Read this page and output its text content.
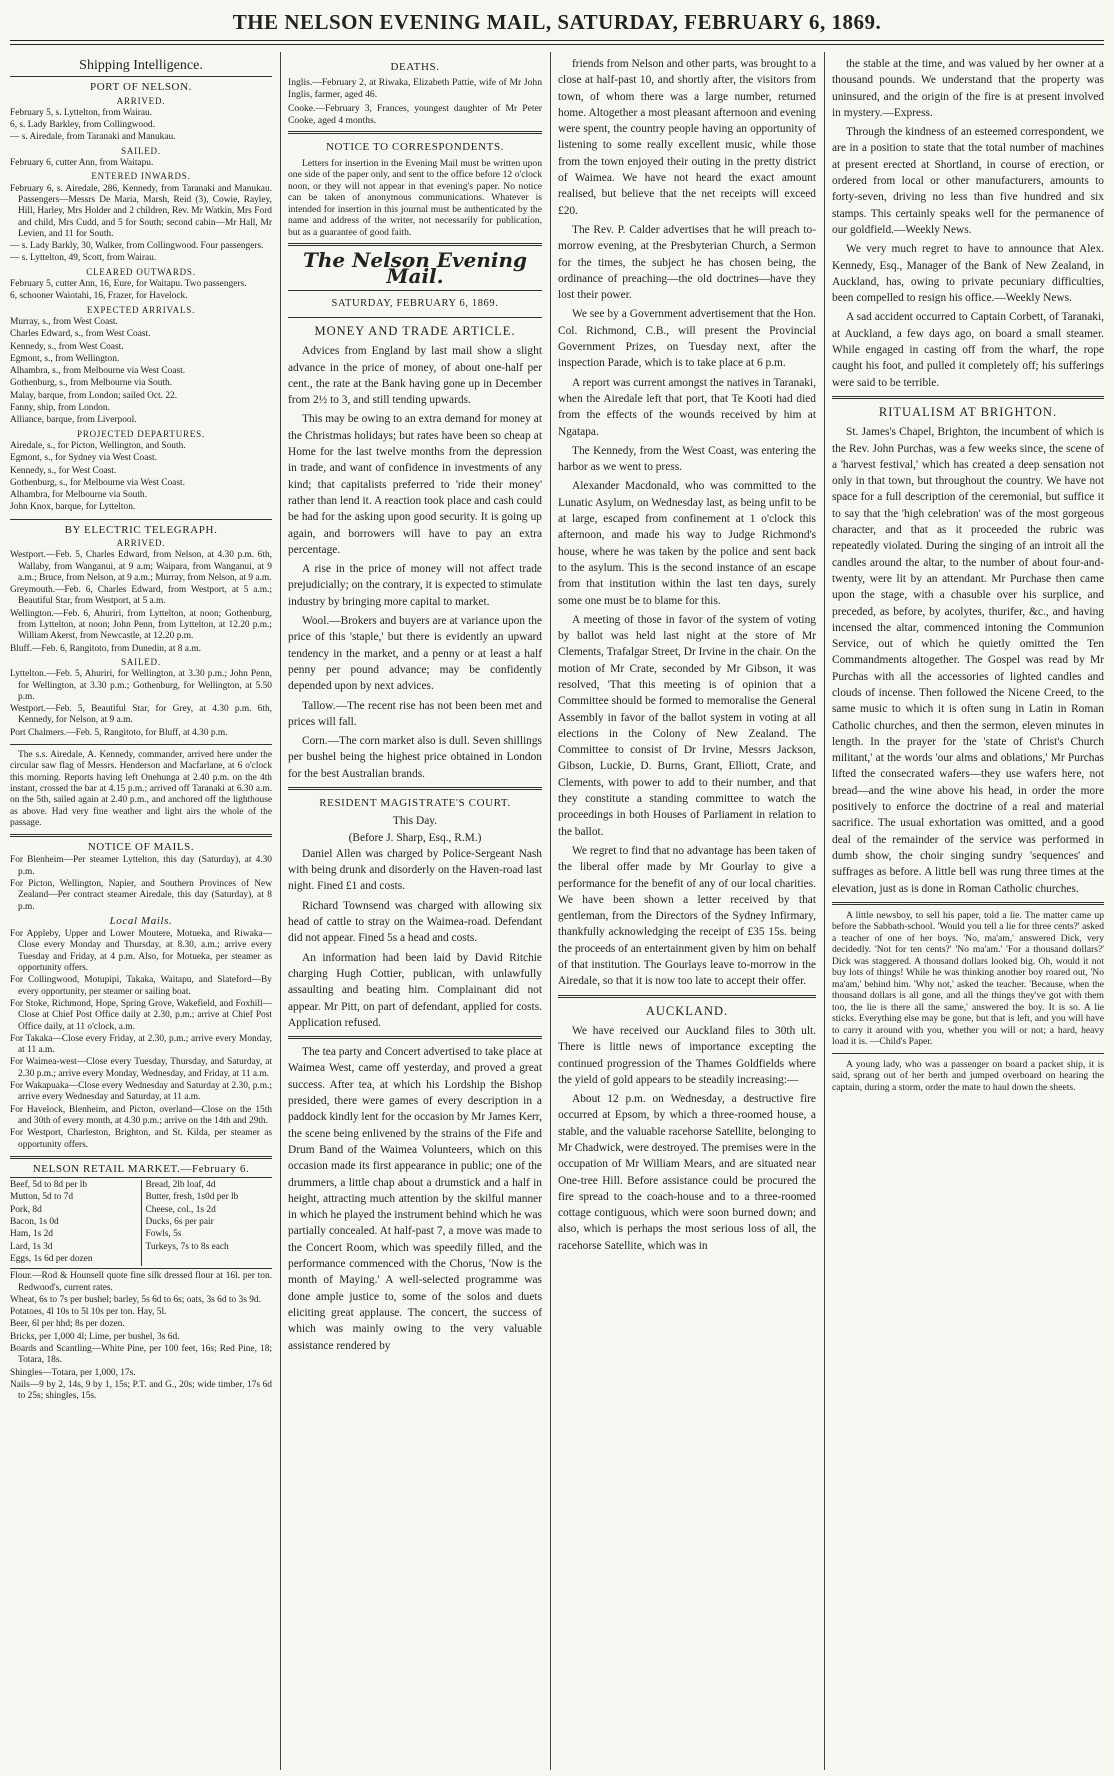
THE NELSON EVENING MAIL, SATURDAY, FEBRUARY 6, 1869.
Shipping Intelligence.
PORT OF NELSON.
ARRIVED.

February 5, s. Lyttelton, from Wairau.

6, s. Lady Barkley, from Collingwood.

— s. Airedale, from Taranaki and Manukau.

SAILED.

February 6, cutter Ann, from Waitapu.

ENTERED INWARDS.

February 6, s. Airedale, 286, Kennedy, from Taranaki and Manukau. Passengers—Messrs De Maria, Marsh, Reid (3), Cowie, Rayley, Hill, Harley, Mrs Holder and 2 children, Rev. Mr Watkin, Mrs Ford and child, Mrs Cudd, and 5 for South; second cabin—Mr Hall, Mr Levien, and 11 for South.

— s. Lady Barkly, 30, Walker, from Collingwood. Four passengers.

— s. Lyttelton, 49, Scott, from Wairau.

CLEARED OUTWARDS.

February 5, cutter Ann, 16, Eure, for Waitapu. Two passengers.

6, schooner Waiotahi, 16, Frazer, for Havelock.

EXPECTED ARRIVALS.

Murray, s., from West Coast.

Charles Edward, s., from West Coast.

Kennedy, s., from West Coast.

Egmont, s., from Wellington.

Alhambra, s., from Melbourne via West Coast.

Gothenburg, s., from Melbourne via South.

Malay, barque, from London; sailed Oct. 22.

Fanny, ship, from London.

Alliance, barque, from Liverpool.

PROJECTED DEPARTURES.

Airedale, s., for Picton, Wellington, and South.

Egmont, s., for Sydney via West Coast.

Kennedy, s., for West Coast.

Gothenburg, s., for Melbourne via West Coast.

Alhambra, for Melbourne via South.

John Knox, barque, for Lyttelton.

BY ELECTRIC TELEGRAPH.
ARRIVED.

Westport.—Feb. 5, Charles Edward, from Nelson, at 4.30 p.m. 6th, Wallaby, from Wanganui, at 9 a.m; Waipara, from Wanganui, at 9 a.m.; Bruce, from Nelson, at 9 a.m.; Murray, from Nelson, at 9 a.m.

Greymouth.—Feb. 6, Charles Edward, from Westport, at 5 a.m.; Beautiful Star, from Westport, at 5 a.m.

Wellington.—Feb. 6, Ahuriri, from Lyttelton, at noon; Gothenburg, from Lyttelton, at noon; John Penn, from Lyttelton, at 12.20 p.m.; William Akerst, from Newcastle, at 12.20 p.m.

Bluff.—Feb. 6, Rangitoto, from Dunedin, at 8 a.m.

SAILED.

Lyttelton.—Feb. 5, Ahuriri, for Wellington, at 3.30 p.m.; John Penn, for Wellington, at 3.30 p.m.; Gothenburg, for Wellington, at 5.50 p.m.

Westport.—Feb. 5, Beautiful Star, for Grey, at 4.30 p.m. 6th, Kennedy, for Nelson, at 9 a.m.

Port Chalmers.—Feb. 5, Rangitoto, for Bluff, at 4.30 p.m.

The s.s. Airedale, A. Kennedy, commander, arrived here under the circular saw flag of Messrs. Henderson and Macfarlane, at 6 o'clock this morning. Reports having left Onehunga at 2.40 p.m. on the 4th instant, crossed the bar at 4.15 p.m.; arrived off Taranaki at 6.30 a.m. on the 5th, sailed again at 2.40 p.m., and anchored off the lighthouse as above. Had very fine weather and light airs the whole of the passage.

NOTICE OF MAILS.

For Blenheim—Per steamer Lyttelton, this day (Saturday), at 4.30 p.m.

For Picton, Wellington, Napier, and Southern Provinces of New Zealand—Per contract steamer Airedale, this day (Saturday), at 8 p.m.

Local Mails.

For Appleby, Upper and Lower Moutere, Motueka, and Riwaka—Close every Monday and Thursday, at 8.30, a.m.; arrive every Tuesday and Friday, at 4 p.m. Also, for Motueka, per steamer as opportunity offers.

For Collingwood, Motupipi, Takaka, Waitapu, and Slateford—By every opportunity, per steamer or sailing boat.

For Stoke, Richmond, Hope, Spring Grove, Wakefield, and Foxhill—Close at Chief Post Office daily at 2.30, p.m.; arrive at Chief Post Office daily, at 11 o'clock, a.m.

For Takaka—Close every Friday, at 2.30, p.m.; arrive every Monday, at 11 a.m.

For Waimea-west—Close every Tuesday, Thursday, and Saturday, at 2.30 p.m.; arrive every Monday, Wednesday, and Friday, at 11 a.m.

For Wakapuaka—Close every Wednesday and Saturday at 2.30, p.m.; arrive every Wednesday and Saturday, at 11 a.m.

For Havelock, Blenheim, and Picton, overland—Close on the 15th and 30th of every month, at 4.30 p.m.; arrive on the 14th and 29th.

For Westport, Charleston, Brighton, and St. Kilda, per steamer as opportunity offers.

NELSON RETAIL MARKET.—February 6.

Beef, 5d to 8d per lb

Mutton, 5d to 7d

Pork, 8d

Bacon, 1s 0d

Ham, 1s 2d

Lard, 1s 3d

Eggs, 1s 6d per dozen

Bread, 2lb loaf, 4d

Butter, fresh, 1s0d per lb

Cheese, col., 1s 2d

Ducks, 6s per pair

Fowls, 5s

Turkeys, 7s to 8s each

Flour.—Rod & Hounsell quote fine silk dressed flour at 16l. per ton. Redwood's, current rates.

Wheat, 6s to 7s per bushel; barley, 5s 6d to 6s; oats, 3s 6d to 3s 9d.

Potatoes, 4l 10s to 5l 10s per ton. Hay, 5l.

Beer, 6l per hhd; 8s per dozen.

Bricks, per 1,000 4l; Lime, per bushel, 3s 6d.

Boards and Scantling—White Pine, per 100 feet, 16s; Red Pine, 18; Totara, 18s.

Shingles—Totara, per 1,000, 17s.

Nails—9 by 2, 14s, 9 by 1, 15s; P.T. and G., 20s; wide timber, 17s 6d to 25s; shingles, 15s.

DEATHS.

Inglis.—February 2, at Riwaka, Elizabeth Pattie, wife of Mr John Inglis, farmer, aged 46.

Cooke.—February 3, Frances, youngest daughter of Mr Peter Cooke, aged 4 months.

NOTICE TO CORRESPONDENTS.

Letters for insertion in the Evening Mail must be written upon one side of the paper only, and sent to the office before 12 o'clock noon, or they will not appear in that evening's paper. No notice can be taken of anonymous communications. Whatever is intended for insertion in this journal must be authenticated by the name and address of the writer, not necessarily for publication, but as a guarantee of good faith.

The Nelson Evening Mail.
SATURDAY, FEBRUARY 6, 1869.
MONEY AND TRADE ARTICLE.

Advices from England by last mail show a slight advance in the price of money, of about one-half per cent., the rate at the Bank having gone up in December from 2½ to 3, and still tending upwards.

This may be owing to an extra demand for money at the Christmas holidays; but rates have been so cheap at Home for the last twelve months from the depression in trade, and want of confidence in investments of any kind; that capitalists preferred to 'ride their money' rather than lend it. A reaction took place and cash could be had for the asking upon good security. It is going up again, and borrowers will have to pay an extra percentage.

A rise in the price of money will not affect trade prejudicially; on the contrary, it is expected to stimulate industry by bringing more capital to market.

Wool.—Brokers and buyers are at variance upon the price of this 'staple,' but there is evidently an upward tendency in the market, and a penny or at least a half penny per pound advance; may be confidently depended upon by next advices.

Tallow.—The recent rise has not been been met and prices will fall.

Corn.—The corn market also is dull. Seven shillings per bushel being the highest price obtained in London for the best Australian brands.

RESIDENT MAGISTRATE'S COURT.
This Day.
(Before J. Sharp, Esq., R.M.)

Daniel Allen was charged by Police-Sergeant Nash with being drunk and disorderly on the Haven-road last night. Fined £1 and costs.

Richard Townsend was charged with allowing six head of cattle to stray on the Waimea-road. Defendant did not appear. Fined 5s a head and costs.

An information had been laid by David Ritchie charging Hugh Cottier, publican, with unlawfully assaulting and beating him. Complainant did not appear. Mr Pitt, on part of defendant, applied for costs. Application refused.

The tea party and Concert advertised to take place at Waimea West, came off yesterday, and proved a great success. After tea, at which his Lordship the Bishop presided, there were games of every description in a paddock kindly lent for the occasion by Mr James Kerr, the scene being enlivened by the strains of the Fife and Drum Band of the Waimea Volunteers, which on this occasion made its first appearance in public; one of the drummers, a little chap about a drumstick and a half in height, attracting much attention by the skilful manner in which he played the instrument behind which he was partially concealed. At half-past 7, a move was made to the Concert Room, which was speedily filled, and the performance commenced with the Chorus, 'Now is the month of Maying.' A well-selected programme was done ample justice to, some of the solos and duets eliciting great applause. The concert, the success of which was mainly owing to the very valuable assistance rendered by

friends from Nelson and other parts, was brought to a close at half-past 10, and shortly after, the visitors from town, of whom there was a large number, returned home. Altogether a most pleasant afternoon and evening were spent, the country people having an opportunity of listening to some really excellent music, while those from the town enjoyed their outing in the pretty district of Waimea. We have not heard the exact amount realised, but believe that the net receipts will exceed £20.

The Rev. P. Calder advertises that he will preach to-morrow evening, at the Presbyterian Church, a Sermon for the times, the subject he has chosen being, the ordinance of preaching—the old doctrines—have they lost their power.

We see by a Government advertisement that the Hon. Col. Richmond, C.B., will present the Provincial Government Prizes, on Tuesday next, after the inspection Parade, which is to take place at 6 p.m.

A report was current amongst the natives in Taranaki, when the Airedale left that port, that Te Kooti had died from the effects of the wounds received by him at Ngatapa.

The Kennedy, from the West Coast, was entering the harbor as we went to press.

Alexander Macdonald, who was committed to the Lunatic Asylum, on Wednesday last, as being unfit to be at large, escaped from confinement at 1 o'clock this afternoon, and made his way to Judge Richmond's house, where he was taken by the police and sent back to the asylum. This is the second instance of an escape from that institution within the last ten days, surely some one must be to blame for this.

A meeting of those in favor of the system of voting by ballot was held last night at the store of Mr Clements, Trafalgar Street, Dr Irvine in the chair. On the motion of Mr Crate, seconded by Mr Gibson, it was resolved, 'That this meeting is of opinion that a Committee should be formed to memoralise the General Assembly in favor of the ballot system in voting at all elections in the Colony of New Zealand. The Committee to consist of Dr Irvine, Messrs Jackson, Gibson, Luckie, D. Burns, Grant, Elliott, Crate, and Clements, with power to add to their number, and that they constitute a standing committee to watch the proceedings in both Houses of Parliament in relation to the ballot.

We regret to find that no advantage has been taken of the liberal offer made by Mr Gourlay to give a performance for the benefit of any of our local charities. We have been shown a letter received by that gentleman, from the Directors of the Sydney Infirmary, thankfully acknowledging the receipt of £35 15s. being the proceeds of an entertainment given by him on behalf of that institution. The Gourlays leave to-morrow in the Airedale, so that it is now too late to accept their offer.

AUCKLAND.

We have received our Auckland files to 30th ult. There is little news of importance excepting the continued progression of the Thames Goldfields where the yield of gold appears to be steadily increasing:—

About 12 p.m. on Wednesday, a destructive fire occurred at Epsom, by which a three-roomed house, a stable, and the valuable racehorse Satellite, belonging to Mr Chadwick, were destroyed. The premises were in the occupation of Mr William Mears, and are situated near One-tree Hill. Before assistance could be procured the fire spread to the coach-house and to a three-roomed cottage contiguous, which were soon burned down; and also, which is perhaps the most serious loss of all, the racehorse Satellite, which was in

the stable at the time, and was valued by her owner at a thousand pounds. We understand that the property was uninsured, and the origin of the fire is at present involved in mystery.—Express.

Through the kindness of an esteemed correspondent, we are in a position to state that the total number of machines at present erected at Shortland, in course of erection, or ordered from local or other manufacturers, amounts to forty-seven, driving no less than five hundred and six stamps. This certainly speaks well for the permanence of our goldfield.—Weekly News.

We very much regret to have to announce that Alex. Kennedy, Esq., Manager of the Bank of New Zealand, in Auckland, has, owing to private pecuniary difficulties, been compelled to resign his office.—Weekly News.

A sad accident occurred to Captain Corbett, of Taranaki, at Auckland, a few days ago, on board a small steamer. While engaged in casting off from the wharf, the rope caught his foot, and pulled it completely off; his sufferings were said to be terrible.

RITUALISM AT BRIGHTON.

St. James's Chapel, Brighton, the incumbent of which is the Rev. John Purchas, was a few weeks since, the scene of a 'harvest festival,' which has created a deep sensation not only in that town, but throughout the country. We have not space for a full description of the ceremonial, but suffice it to say that the 'high celebration' was of the most gorgeous character, and that as it proceeded the rubric was repeatedly violated. During the singing of an introit all the candles around the altar, to the number of about four-and-twenty, were lit by an attendant. Mr Purchase then came upon the stage, with a chasuble over his surplice, and preceded, as before, by acolytes, thurifer, &c., and having incensed the altar, commenced intoning the Communion Service, out of which he quietly omitted the Ten Commandments altogether. The Gospel was read by Mr Purchas with all the accessories of lighted candles and clouds of incense. Then followed the Nicene Creed, to the same music to which it is often sung in Latin in Roman Catholic churches, and then the sermon, eleven minutes in length. In the prayer for the 'state of Christ's Church militant,' at the words 'our alms and oblations,' Mr Purchas lifted the consecrated wafers—they use wafers here, not bread—and the wine above his head, in order the more positively to enforce the doctrine of a real and material sacrifice. The usual exhortation was omitted, and a good deal of the remainder of the service was performed in dumb show, the choir singing sundry 'sequences' and suffrages as before. A little bell was rung three times at the elevation, just as is done in Roman Catholic churches.

A little newsboy, to sell his paper, told a lie. The matter came up before the Sabbath-school. 'Would you tell a lie for three cents?' asked a teacher of one of her boys. 'No, ma'am,' answered Dick, very decidedly. 'Not for ten cents?' 'No ma'am.' 'For a thousand dollars?' Dick was staggered. A thousand dollars looked big. Oh, would it not buy lots of things! While he was thinking another boy roared out, 'No ma'am,' behind him. 'Why not,' asked the teacher. 'Because, when the thousand dollars is all gone, and all the things they've got with them too, the lie is there all the same,' answered the boy. It is so. A lie sticks. Everything else may be gone, but that is left, and you will have to carry it around with you, whether you will or not; a hard, heavy load it is. —Child's Paper.

A young lady, who was a passenger on board a packet ship, it is said, sprang out of her berth and jumped overboard on hearing the captain, during a storm, order the mate to haul down the sheets.
